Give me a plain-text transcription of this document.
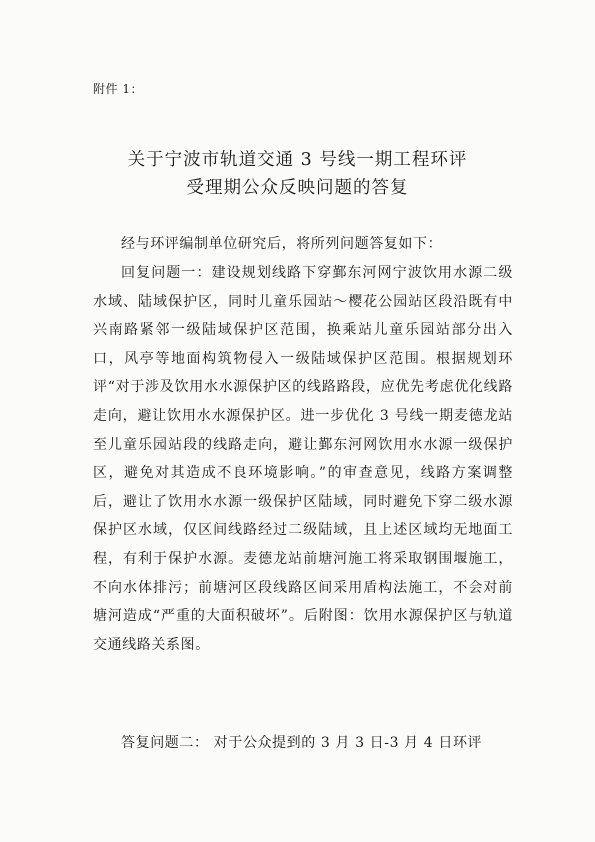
附件 1：
关于宁波市轨道交通 3 号线一期工程环评
受理期公众反映问题的答复

经与环评编制单位研究后，将所列问题答复如下：

回复问题一：建设规划线路下穿鄞东河网宁波饮用水源二级水域、陆域保护区，同时儿童乐园站～樱花公园站区段沿既有中兴南路紧邻一级陆域保护区范围，换乘站儿童乐园站部分出入口，风亭等地面构筑物侵入一级陆域保护区范围。根据规划环评“对于涉及饮用水水源保护区的线路路段，应优先考虑优化线路走向，避让饮用水水源保护区。进一步优化 3 号线一期麦德龙站至儿童乐园站段的线路走向，避让鄞东河网饮用水水源一级保护区，避免对其造成不良环境影响。”的审查意见，线路方案调整后，避让了饮用水水源一级保护区陆域，同时避免下穿二级水源保护区水域，仅区间线路经过二级陆域，且上述区域均无地面工程，有利于保护水源。麦德龙站前塘河施工将采取钢围堰施工，不向水体排污；前塘河区段线路区间采用盾构法施工，不会对前塘河造成“严重的大面积破坏”。后附图：饮用水源保护区与轨道交通线路关系图。

答复问题二： 对于公众提到的 3 月 3 日-3 月 4 日环评
